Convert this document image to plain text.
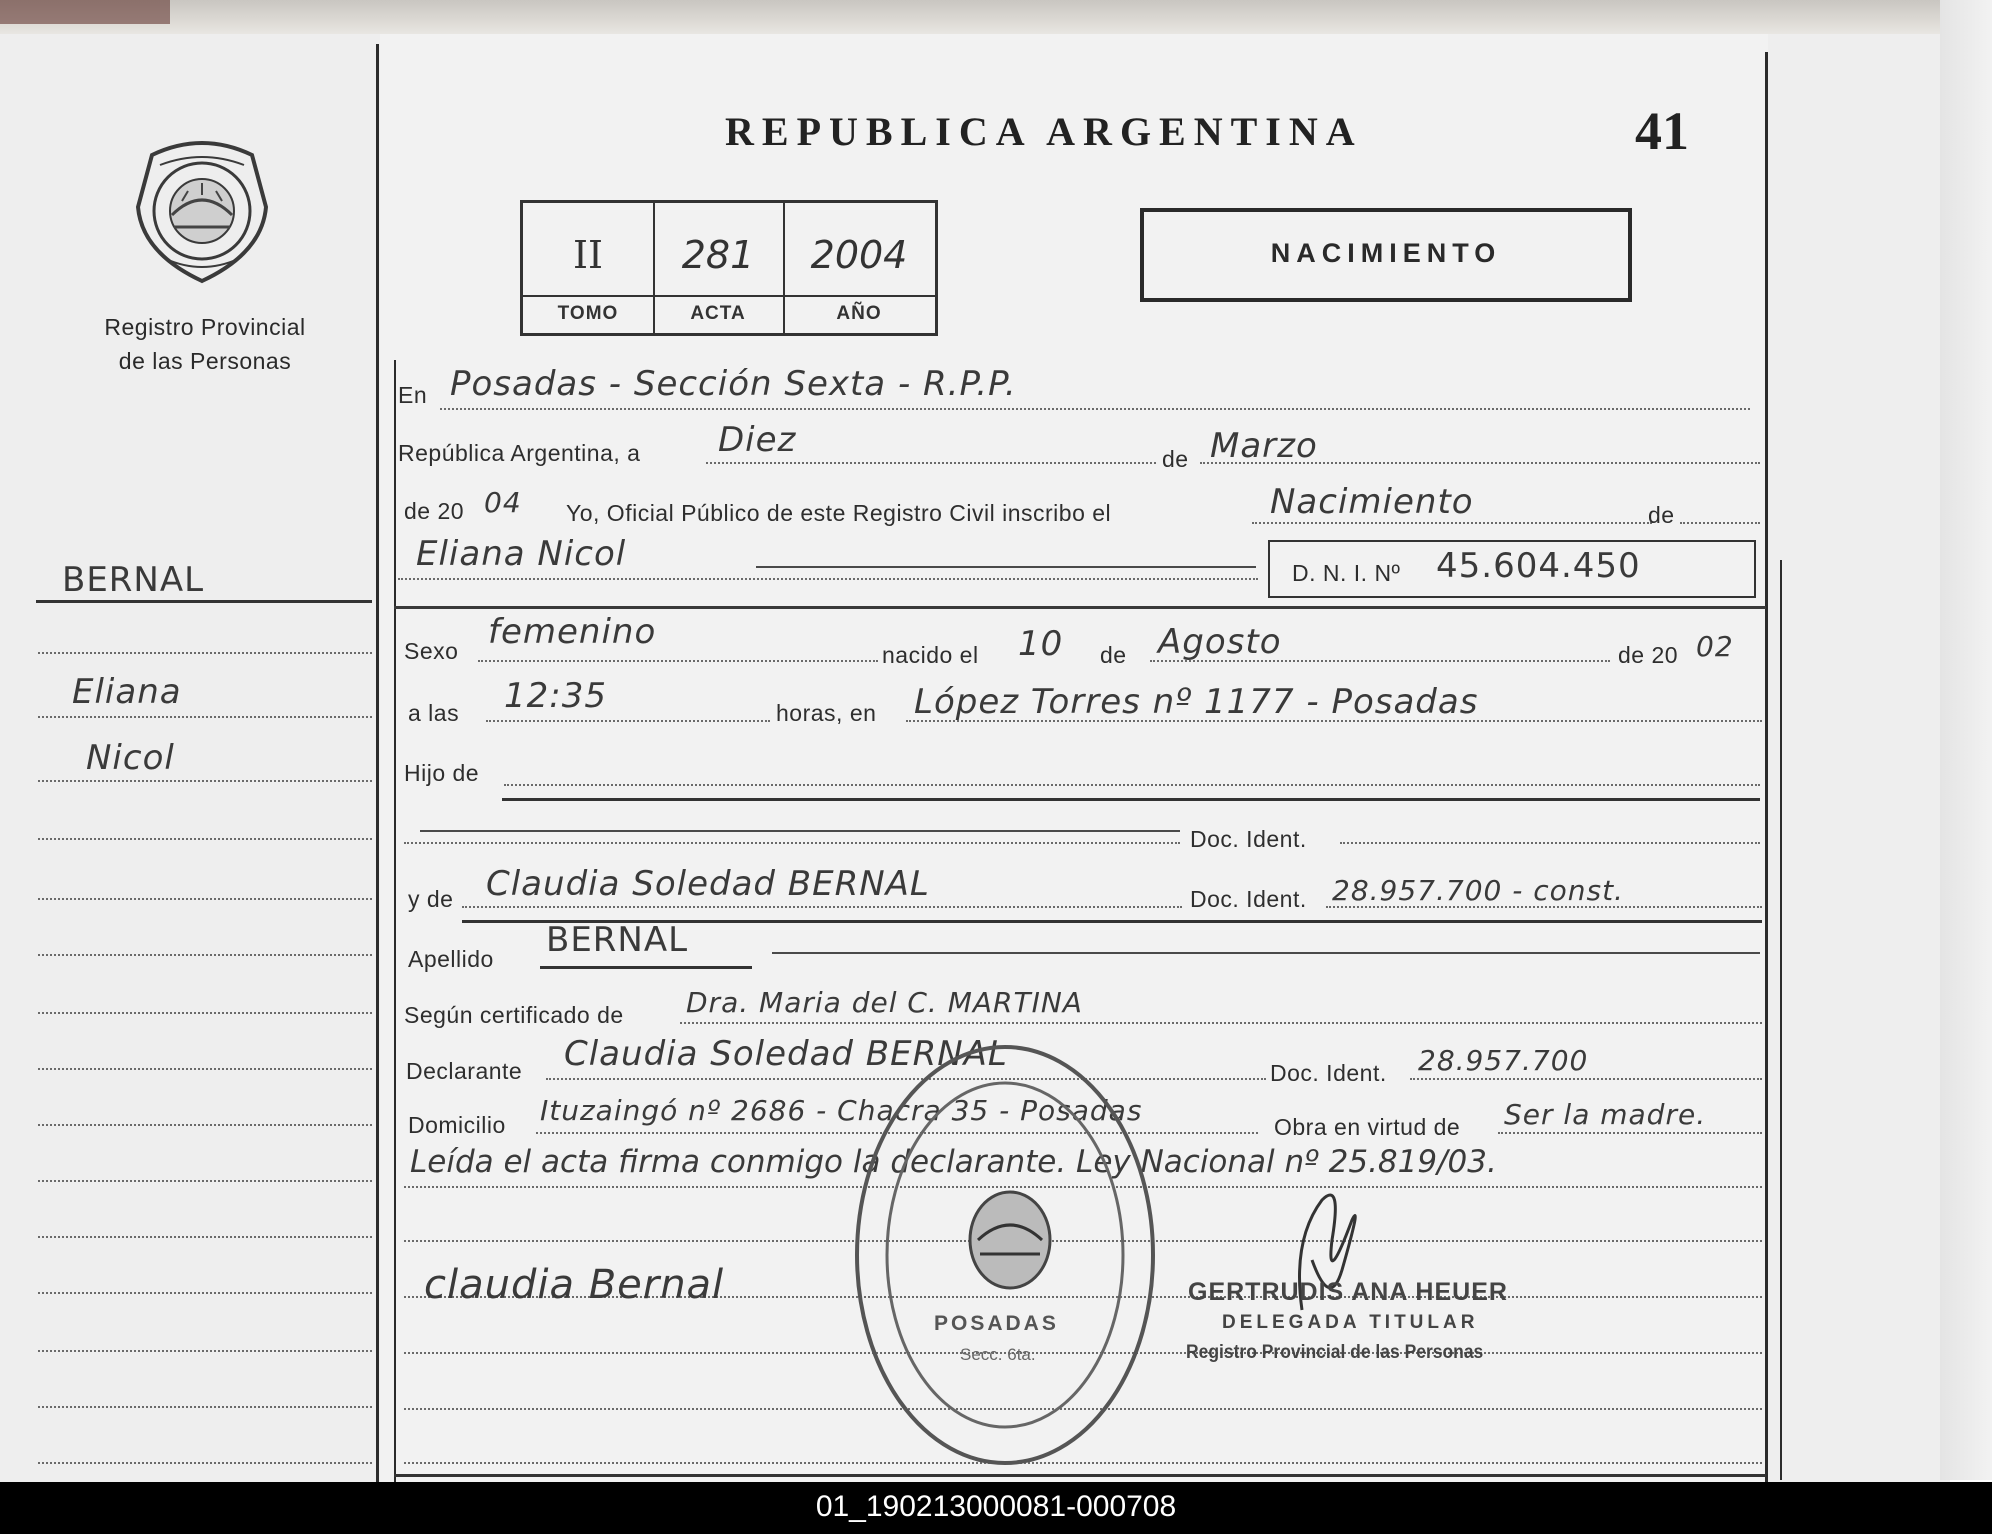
REPUBLICA ARGENTINA	41
Registro Provincial
de las Personas
II
TOMO
281
ACTA
2004
AÑO
NACIMIENTO
BERNAL
Eliana
Nicol
En Posadas - Sección Sexta - R.P.P.
República Argentina, a Diez	de Marzo
de 20 04 Yo, Oficial Público de este Registro Civil inscribo el	Nacimiento	de
Eliana Nicol	D. N. I. Nº 45.604.450
Sexo femenino
nacido el 10 de Agosto	de 20 02
a las 12:35	horas, en López Torres nº 1177 - Posadas
Hijo de
Doc. Ident.
y de Claudia Soledad BERNAL	Doc. Ident. 28.957.700 - const.
Apellido BERNAL
Según certificado de Dra. Maria del C. MARTINA
Declarante Claudia Soledad BERNAL	Doc. Ident. 28.957.700
Domicilio Ituzaingó nº 2686 - Chacra 35 - Posadas	Obra en virtud de Ser la madre.
Leída el acta firma conmigo la declarante. Ley Nacional nº 25.819/03.
claudia Bernal
POSADAS
Secc. 6ta.
GERTRUDIS ANA HEUER
DELEGADA TITULAR
Registro Provincial de las Personas
01_190213000081-000708
